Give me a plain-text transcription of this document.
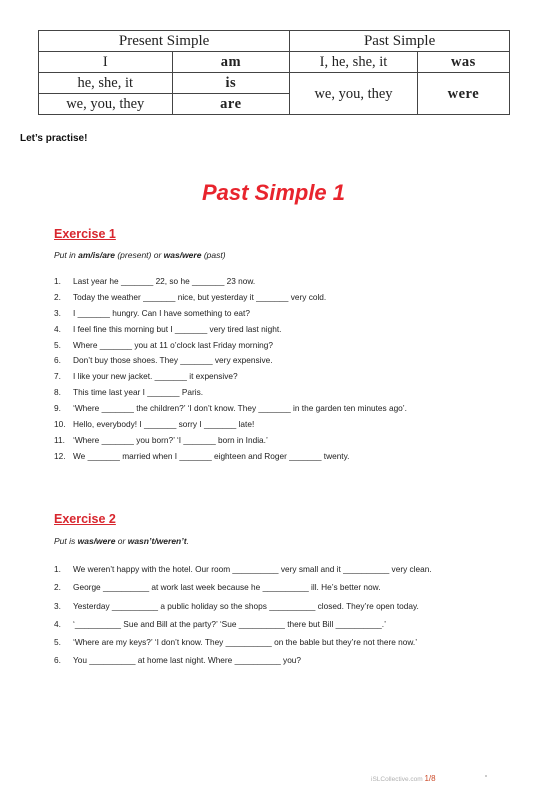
Present Simple		Past Simple	
I	am	I, he, she, it	was
he, she, it	is	we, you, they	were
we, you, they	are		
Let’s practise!
Past Simple 1
Exercise 1
Put in am/is/are (present) or was/were (past)
1. Last year he _______ 22, so he _______ 23 now.
2. Today the weather _______ nice, but yesterday it _______ very cold.
3. I _______ hungry. Can I have something to eat?
4. I feel fine this morning but I _______ very tired last night.
5. Where _______ you at 11 o’clock last Friday morning?
6. Don’t buy those shoes. They _______ very expensive.
7. I like your new jacket. _______ it expensive?
8. This time last year I _______ Paris.
9. ‘Where _______ the children?’ ‘I don’t know. They _______ in the garden ten minutes ago’.
10. Hello, everybody! I _______ sorry I _______ late!
11. ‘Where _______ you born?’ ‘I _______ born in India.’
12. We _______ married when I _______ eighteen and Roger _______ twenty.
Exercise 2
Put is was/were or wasn’t/weren’t.
1. We weren’t happy with the hotel. Our room __________ very small and it __________ very clean.
2. George __________ at work last week because he __________ ill. He’s better now.
3. Yesterday __________ a public holiday so the shops __________ closed. They’re open today.
4. ‘__________ Sue and Bill at the party?’ ‘Sue __________ there but Bill __________.’
5. ‘Where are my keys?’ ‘I don’t know. They __________ on the bable but they’re not there now.’
6. You __________ at home last night. Where __________ you?
iSLCollective.com 1/8
